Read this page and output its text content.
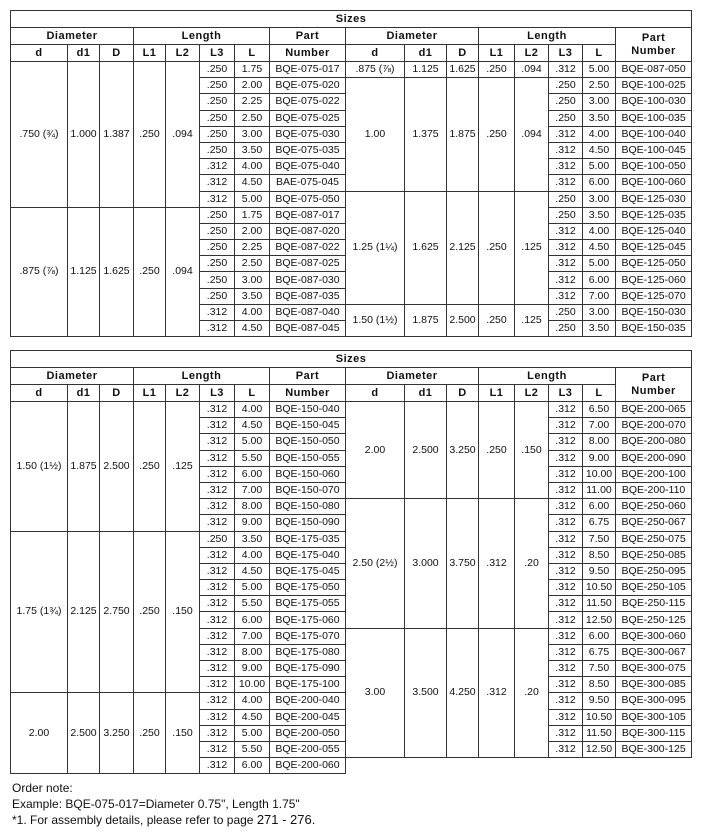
Sizes															
Diameter			Length				Part	Diameter			Length				Part
Number
d	d1	D	L1	L2	L3	L	Number	d	d1	D	L1	L2	L3	L	
.750 (¾)	1.000	1.387	.250	.094	.250	1.75	BQE-075-017	.875 (⅞)	1.125	1.625	.250	.094	.312	5.00	BQE-087-050
					.250	2.00	BQE-075-020	1.00	1.375	1.875	.250	.094	.250	2.50	BQE-100-025
					.250	2.25	BQE-075-022						.250	3.00	BQE-100-030
					.250	2.50	BQE-075-025						.250	3.50	BQE-100-035
					.250	3.00	BQE-075-030						.312	4.00	BQE-100-040
					.250	3.50	BQE-075-035						.312	4.50	BQE-100-045
					.312	4.00	BQE-075-040						.312	5.00	BQE-100-050
					.312	4.50	BAE-075-045						.312	6.00	BQE-100-060
					.312	5.00	BQE-075-050	1.25 (1¼)	1.625	2.125	.250	.125	.250	3.00	BQE-125-030
.875 (⅞)	1.125	1.625	.250	.094	.250	1.75	BQE-087-017						.250	3.50	BQE-125-035
					.250	2.00	BQE-087-020						.312	4.00	BQE-125-040
					.250	2.25	BQE-087-022						.312	4.50	BQE-125-045
					.250	2.50	BQE-087-025						.312	5.00	BQE-125-050
					.250	3.00	BQE-087-030						.312	6.00	BQE-125-060
					.250	3.50	BQE-087-035						.312	7.00	BQE-125-070
					.312	4.00	BQE-087-040	1.50 (1½)	1.875	2.500	.250	.125	.250	3.00	BQE-150-030
					.312	4.50	BQE-087-045						.250	3.50	BQE-150-035
Sizes															
Diameter			Length				Part	Diameter			Length				Part
Number
d	d1	D	L1	L2	L3	L	Number	d	d1	D	L1	L2	L3	L	
1.50 (1½)	1.875	2.500	.250	.125	.312	4.00	BQE-150-040	2.00	2.500	3.250	.250	.150	.312	6.50	BQE-200-065
					.312	4.50	BQE-150-045						.312	7.00	BQE-200-070
					.312	5.00	BQE-150-050						.312	8.00	BQE-200-080
					.312	5.50	BQE-150-055						.312	9.00	BQE-200-090
					.312	6.00	BQE-150-060						.312	10.00	BQE-200-100
					.312	7.00	BQE-150-070						.312	11.00	BQE-200-110
					.312	8.00	BQE-150-080	2.50 (2½)	3.000	3.750	.312	.20	.312	6.00	BQE-250-060
					.312	9.00	BQE-150-090						.312	6.75	BQE-250-067
1.75 (1¾)	2.125	2.750	.250	.150	.250	3.50	BQE-175-035						.312	7.50	BQE-250-075
					.312	4.00	BQE-175-040						.312	8.50	BQE-250-085
					.312	4.50	BQE-175-045						.312	9.50	BQE-250-095
					.312	5.00	BQE-175-050						.312	10.50	BQE-250-105
					.312	5.50	BQE-175-055						.312	11.50	BQE-250-115
					.312	6.00	BQE-175-060						.312	12.50	BQE-250-125
					.312	7.00	BQE-175-070	3.00	3.500	4.250	.312	.20	.312	6.00	BQE-300-060
					.312	8.00	BQE-175-080						.312	6.75	BQE-300-067
					.312	9.00	BQE-175-090						.312	7.50	BQE-300-075
					.312	10.00	BQE-175-100						.312	8.50	BQE-300-085
2.00	2.500	3.250	.250	.150	.312	4.00	BQE-200-040						.312	9.50	BQE-300-095
					.312	4.50	BQE-200-045						.312	10.50	BQE-300-105
					.312	5.00	BQE-200-050						.312	11.50	BQE-300-115
					.312	5.50	BQE-200-055						.312	12.50	BQE-300-125
					.312	6.00	BQE-200-060								
Order note:
Example: BQE-075-017=Diameter 0.75", Length 1.75"
*1. For assembly details, please refer to page 271 - 276.
